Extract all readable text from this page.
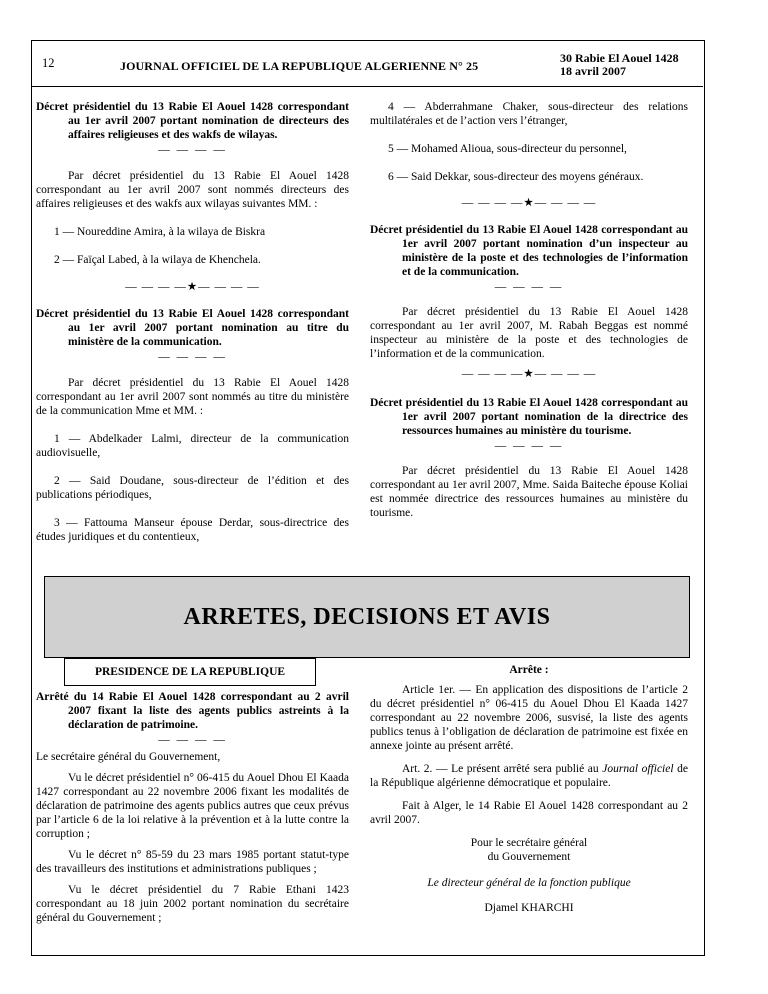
12	JOURNAL OFFICIEL DE LA REPUBLIQUE ALGERIENNE N° 25
30 Rabie El Aouel 1428
18 avril 2007

Décret présidentiel du 13 Rabie El Aouel 1428 correspondant au 1er avril 2007 portant nomination de directeurs des affaires religieuses et des wakfs de wilayas.

— — — —

Par décret présidentiel du 13 Rabie El Aouel 1428 correspondant au 1er avril 2007 sont nommés directeurs des affaires religieuses et des wakfs aux wilayas suivantes MM. :

1 — Noureddine Amira, à la wilaya de Biskra

2 — Faïçal Labed, à la wilaya de Khenchela.

— — — —★— — — —

Décret présidentiel du 13 Rabie El Aouel 1428 correspondant au 1er avril 2007 portant nomination au titre du ministère de la communication.

— — — —

Par décret présidentiel du 13 Rabie El Aouel 1428 correspondant au 1er avril 2007 sont nommés au titre du ministère de la communication Mme et MM. :

1 — Abdelkader Lalmi, directeur de la communication audiovisuelle,

2 — Said Doudane, sous-directeur de l’édition et des publications périodiques,

3 — Fattouma Manseur épouse Derdar, sous-directrice des études juridiques et du contentieux,

4 — Abderrahmane Chaker, sous-directeur des relations multilatérales et de l’action vers l’étranger,

5 — Mohamed Alioua, sous-directeur du personnel,

6 — Said Dekkar, sous-directeur des moyens généraux.

— — — —★— — — —

Décret présidentiel du 13 Rabie El Aouel 1428 correspondant au 1er avril 2007 portant nomination d’un inspecteur au ministère de la poste et des technologies de l’information et de la communication.

— — — —

Par décret présidentiel du 13 Rabie El Aouel 1428 correspondant au 1er avril 2007, M. Rabah Beggas est nommé inspecteur au ministère de la poste et des technologies de l’information et de la communication.

— — — —★— — — —

Décret présidentiel du 13 Rabie El Aouel 1428 correspondant au 1er avril 2007 portant nomination de la directrice des ressources humaines au ministère du tourisme.

— — — —

Par décret présidentiel du 13 Rabie El Aouel 1428 correspondant au 1er avril 2007, Mme. Saida Baiteche épouse Koliai est nommée directrice des ressources humaines au ministère du tourisme.

ARRETES, DECISIONS ET AVIS
PRESIDENCE DE LA REPUBLIQUE

Arrêté du 14 Rabie El Aouel 1428 correspondant au 2 avril 2007 fixant la liste des agents publics astreints à la déclaration de patrimoine.

— — — —

Le secrétaire général du Gouvernement,

Vu le décret présidentiel n° 06-415 du Aouel Dhou El Kaada 1427 correspondant au 22 novembre 2006 fixant les modalités de déclaration de patrimoine des agents publics autres que ceux prévus par l’article 6 de la loi relative à la prévention et à la lutte contre la corruption ;

Vu le décret n° 85-59 du 23 mars 1985 portant statut-type des travailleurs des institutions et administrations publiques ;

Vu le décret présidentiel du 7 Rabie Ethani 1423 correspondant au 18 juin 2002 portant nomination du secrétaire général du Gouvernement ;

Arrête :

Article 1er. — En application des dispositions de l’article 2 du décret présidentiel n° 06-415 du Aouel Dhou El Kaada 1427 correspondant au 22 novembre 2006, susvisé, la liste des agents publics tenus à l’obligation de déclaration de patrimoine est fixée en annexe jointe au présent arrêté.

Art. 2. — Le présent arrêté sera publié au Journal officiel de la République algérienne démocratique et populaire.

Fait à Alger, le 14 Rabie El Aouel 1428 correspondant au 2 avril 2007.

Pour le secrétaire général

du Gouvernement

Le directeur général de la fonction publique

Djamel KHARCHI
